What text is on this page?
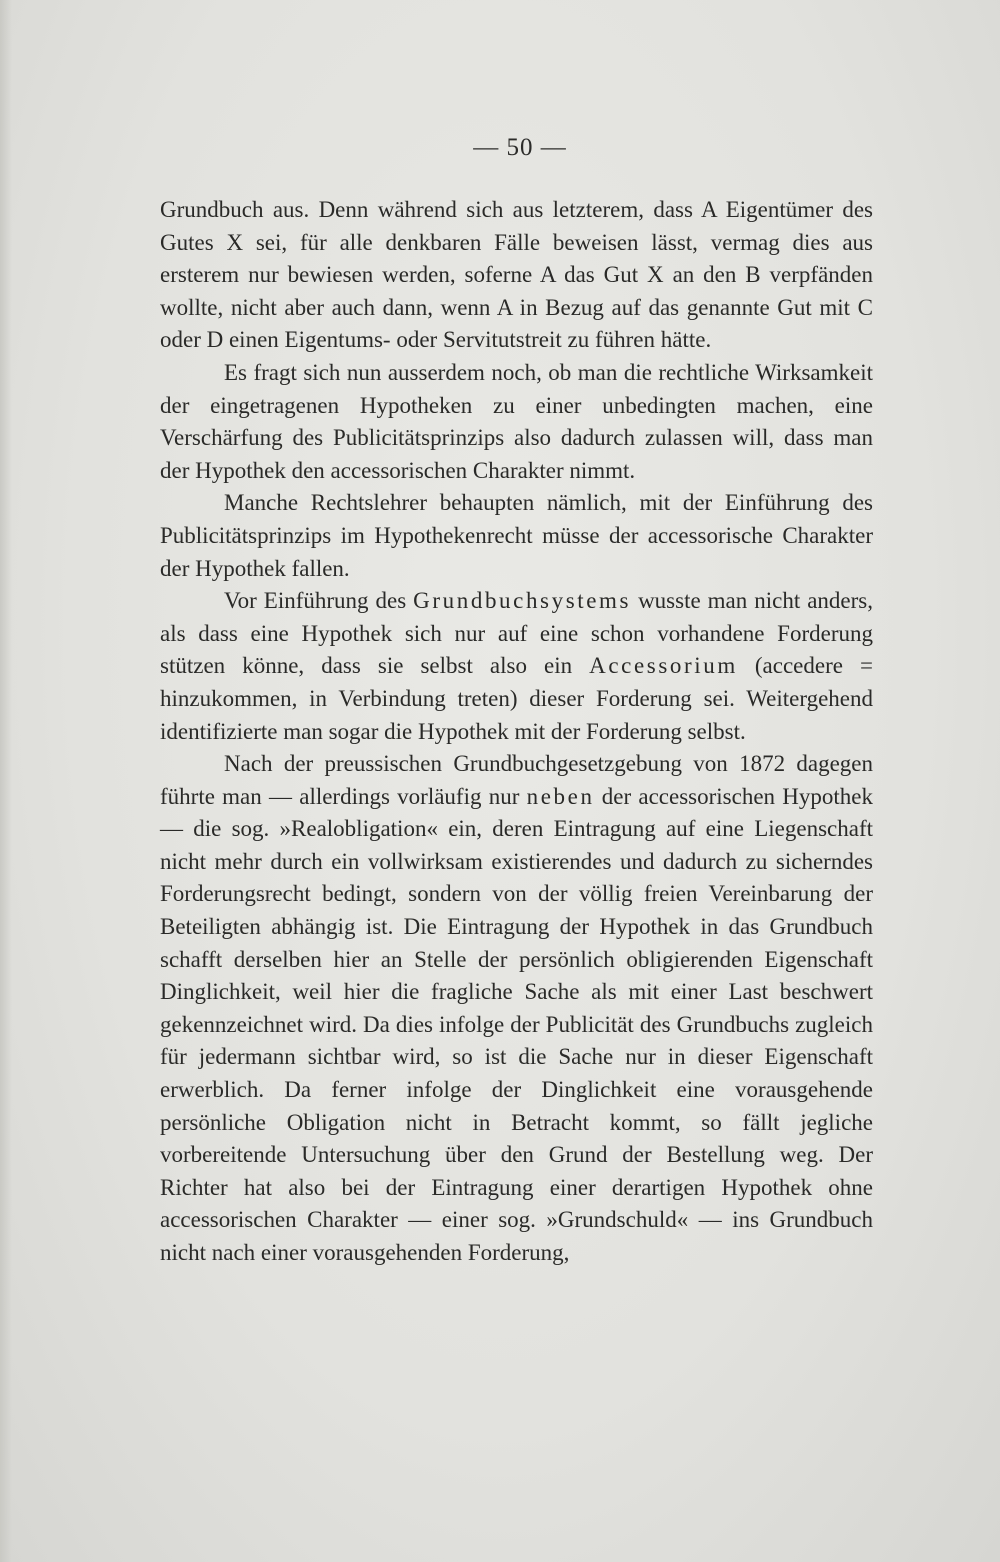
— 50 —

Grundbuch aus. Denn während sich aus letzterem, dass A Eigentümer des Gutes X sei, für alle denkbaren Fälle beweisen lässt, vermag dies aus ersterem nur bewiesen werden, soferne A das Gut X an den B verpfänden wollte, nicht aber auch dann, wenn A in Bezug auf das genannte Gut mit C oder D einen Eigentums- oder Servitutstreit zu führen hätte.

Es fragt sich nun ausserdem noch, ob man die rechtliche Wirksamkeit der eingetragenen Hypotheken zu einer unbedingten machen, eine Verschärfung des Publicitätsprinzips also dadurch zulassen will, dass man der Hypothek den accessorischen Charakter nimmt.

Manche Rechtslehrer behaupten nämlich, mit der Einführung des Publicitätsprinzips im Hypothekenrecht müsse der accessorische Charakter der Hypothek fallen.

Vor Einführung des Grundbuchsystems wusste man nicht anders, als dass eine Hypothek sich nur auf eine schon vorhandene Forderung stützen könne, dass sie selbst also ein Accessorium (accedere = hinzukommen, in Verbindung treten) dieser Forderung sei. Weitergehend identifizierte man sogar die Hypothek mit der Forderung selbst.

Nach der preussischen Grundbuchgesetzgebung von 1872 dagegen führte man — allerdings vorläufig nur neben der accessorischen Hypothek — die sog. »Realobligation« ein, deren Eintragung auf eine Liegenschaft nicht mehr durch ein vollwirksam existierendes und dadurch zu sicherndes Forderungsrecht bedingt, sondern von der völlig freien Vereinbarung der Beteiligten abhängig ist. Die Eintragung der Hypothek in das Grundbuch schafft derselben hier an Stelle der persönlich obligierenden Eigenschaft Dinglichkeit, weil hier die fragliche Sache als mit einer Last beschwert gekennzeichnet wird. Da dies infolge der Publicität des Grundbuchs zugleich für jedermann sichtbar wird, so ist die Sache nur in dieser Eigenschaft erwerblich. Da ferner infolge der Dinglichkeit eine vorausgehende persönliche Obligation nicht in Betracht kommt, so fällt jegliche vorbereitende Untersuchung über den Grund der Bestellung weg. Der Richter hat also bei der Eintragung einer derartigen Hypothek ohne accessorischen Charakter — einer sog. »Grundschuld« — ins Grundbuch nicht nach einer vorausgehenden Forderung,
